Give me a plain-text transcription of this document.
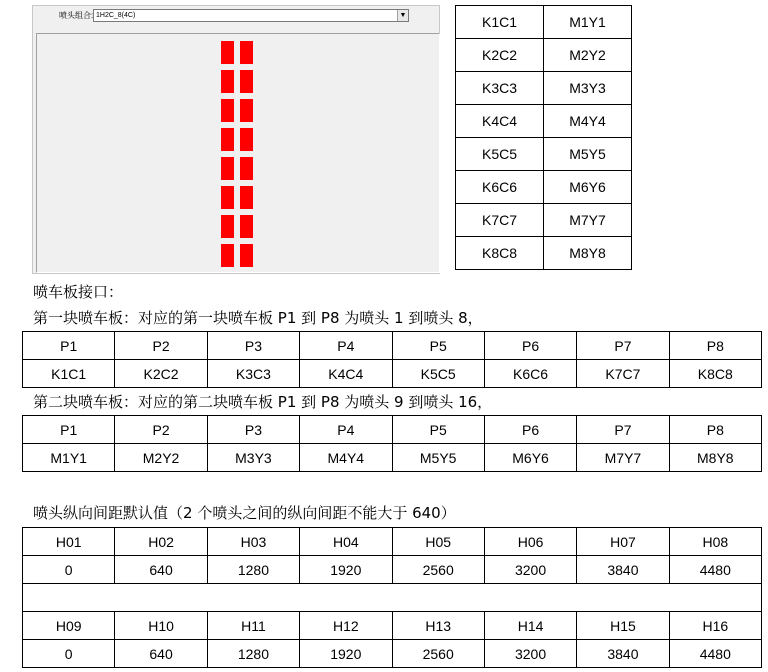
喷头组合: 1H2C_8(4C)	▼	K1C1	M1Y1
K2C2	M2Y2
K3C3	M3Y3
K4C4	M4Y4
K5C5	M5Y5
K6C6	M6Y6
K7C7	M7Y7
K8C8	M8Y8
喷车板接口：
第一块喷车板：对应的第一块喷车板 P1 到 P8 为喷头 1 到喷头 8，
P1	P2	P3	P4	P5	P6	P7	P8
K1C1	K2C2	K3C3	K4C4	K5C5	K6C6	K7C7	K8C8
第二块喷车板：对应的第二块喷车板 P1 到 P8 为喷头 9 到喷头 16，
P1	P2	P3	P4	P5	P6	P7	P8
M1Y1	M2Y2	M3Y3	M4Y4	M5Y5	M6Y6	M7Y7	M8Y8
喷头纵向间距默认值（2 个喷头之间的纵向间距不能大于 640）
H01	H02	H03	H04	H05	H06	H07	H08
0	640	1280	1920	2560	3200	3840	4480

H09	H10	H11	H12	H13	H14	H15	H16
0	640	1280	1920	2560	3200	3840	4480
